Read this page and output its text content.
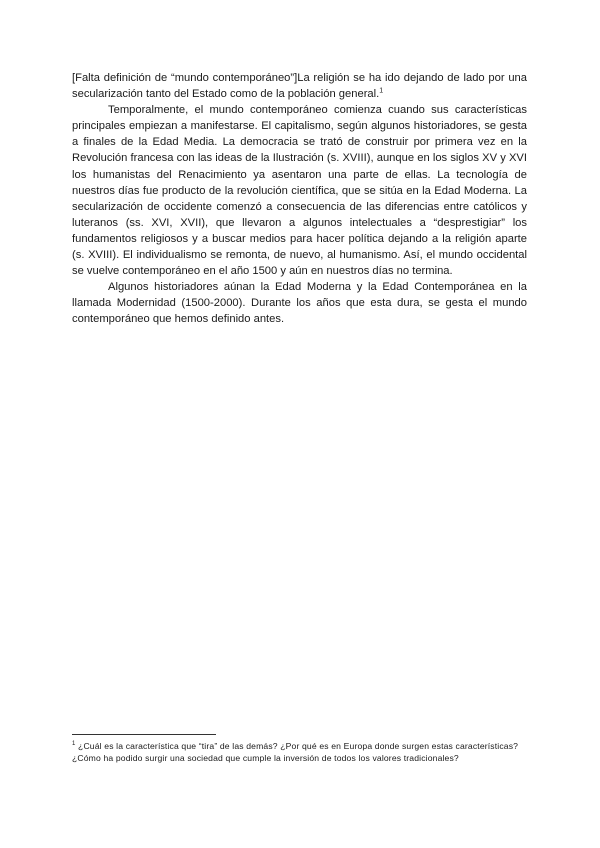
[Falta definición de “mundo contemporáneo”]La religión se ha ido dejando de lado por una secularización tanto del Estado como de la población general.$^1$

Temporalmente, el mundo contemporáneo comienza cuando sus características principales empiezan a manifestarse. El capitalismo, según algunos historiadores, se gesta a finales de la Edad Media. La democracia se trató de construir por primera vez en la Revolución francesa con las ideas de la Ilustración (s. XVIII), aunque en los siglos XV y XVI los humanistas del Renacimiento ya asentaron una parte de ellas. La tecnología de nuestros días fue producto de la revolución científica, que se sitúa en la Edad Moderna. La secularización de occidente comenzó a consecuencia de las diferencias entre católicos y luteranos (ss. XVI, XVII), que llevaron a algunos intelectuales a “desprestigiar” los fundamentos religiosos y a buscar medios para hacer política dejando a la religión aparte (s. XVIII). El individualismo se remonta, de nuevo, al humanismo. Así, el mundo occidental se vuelve contemporáneo en el año 1500 y aún en nuestros días no termina.

Algunos historiadores aúnan la Edad Moderna y la Edad Contemporánea en la llamada Modernidad (1500-2000). Durante los años que esta dura, se gesta el mundo contemporáneo que hemos definido antes.

$^1$ ¿Cuál es la característica que “tira” de las demás? ¿Por qué es en Europa donde surgen estas características? ¿Cómo ha podido surgir una sociedad que cumple la inversión de todos los valores tradicionales?
